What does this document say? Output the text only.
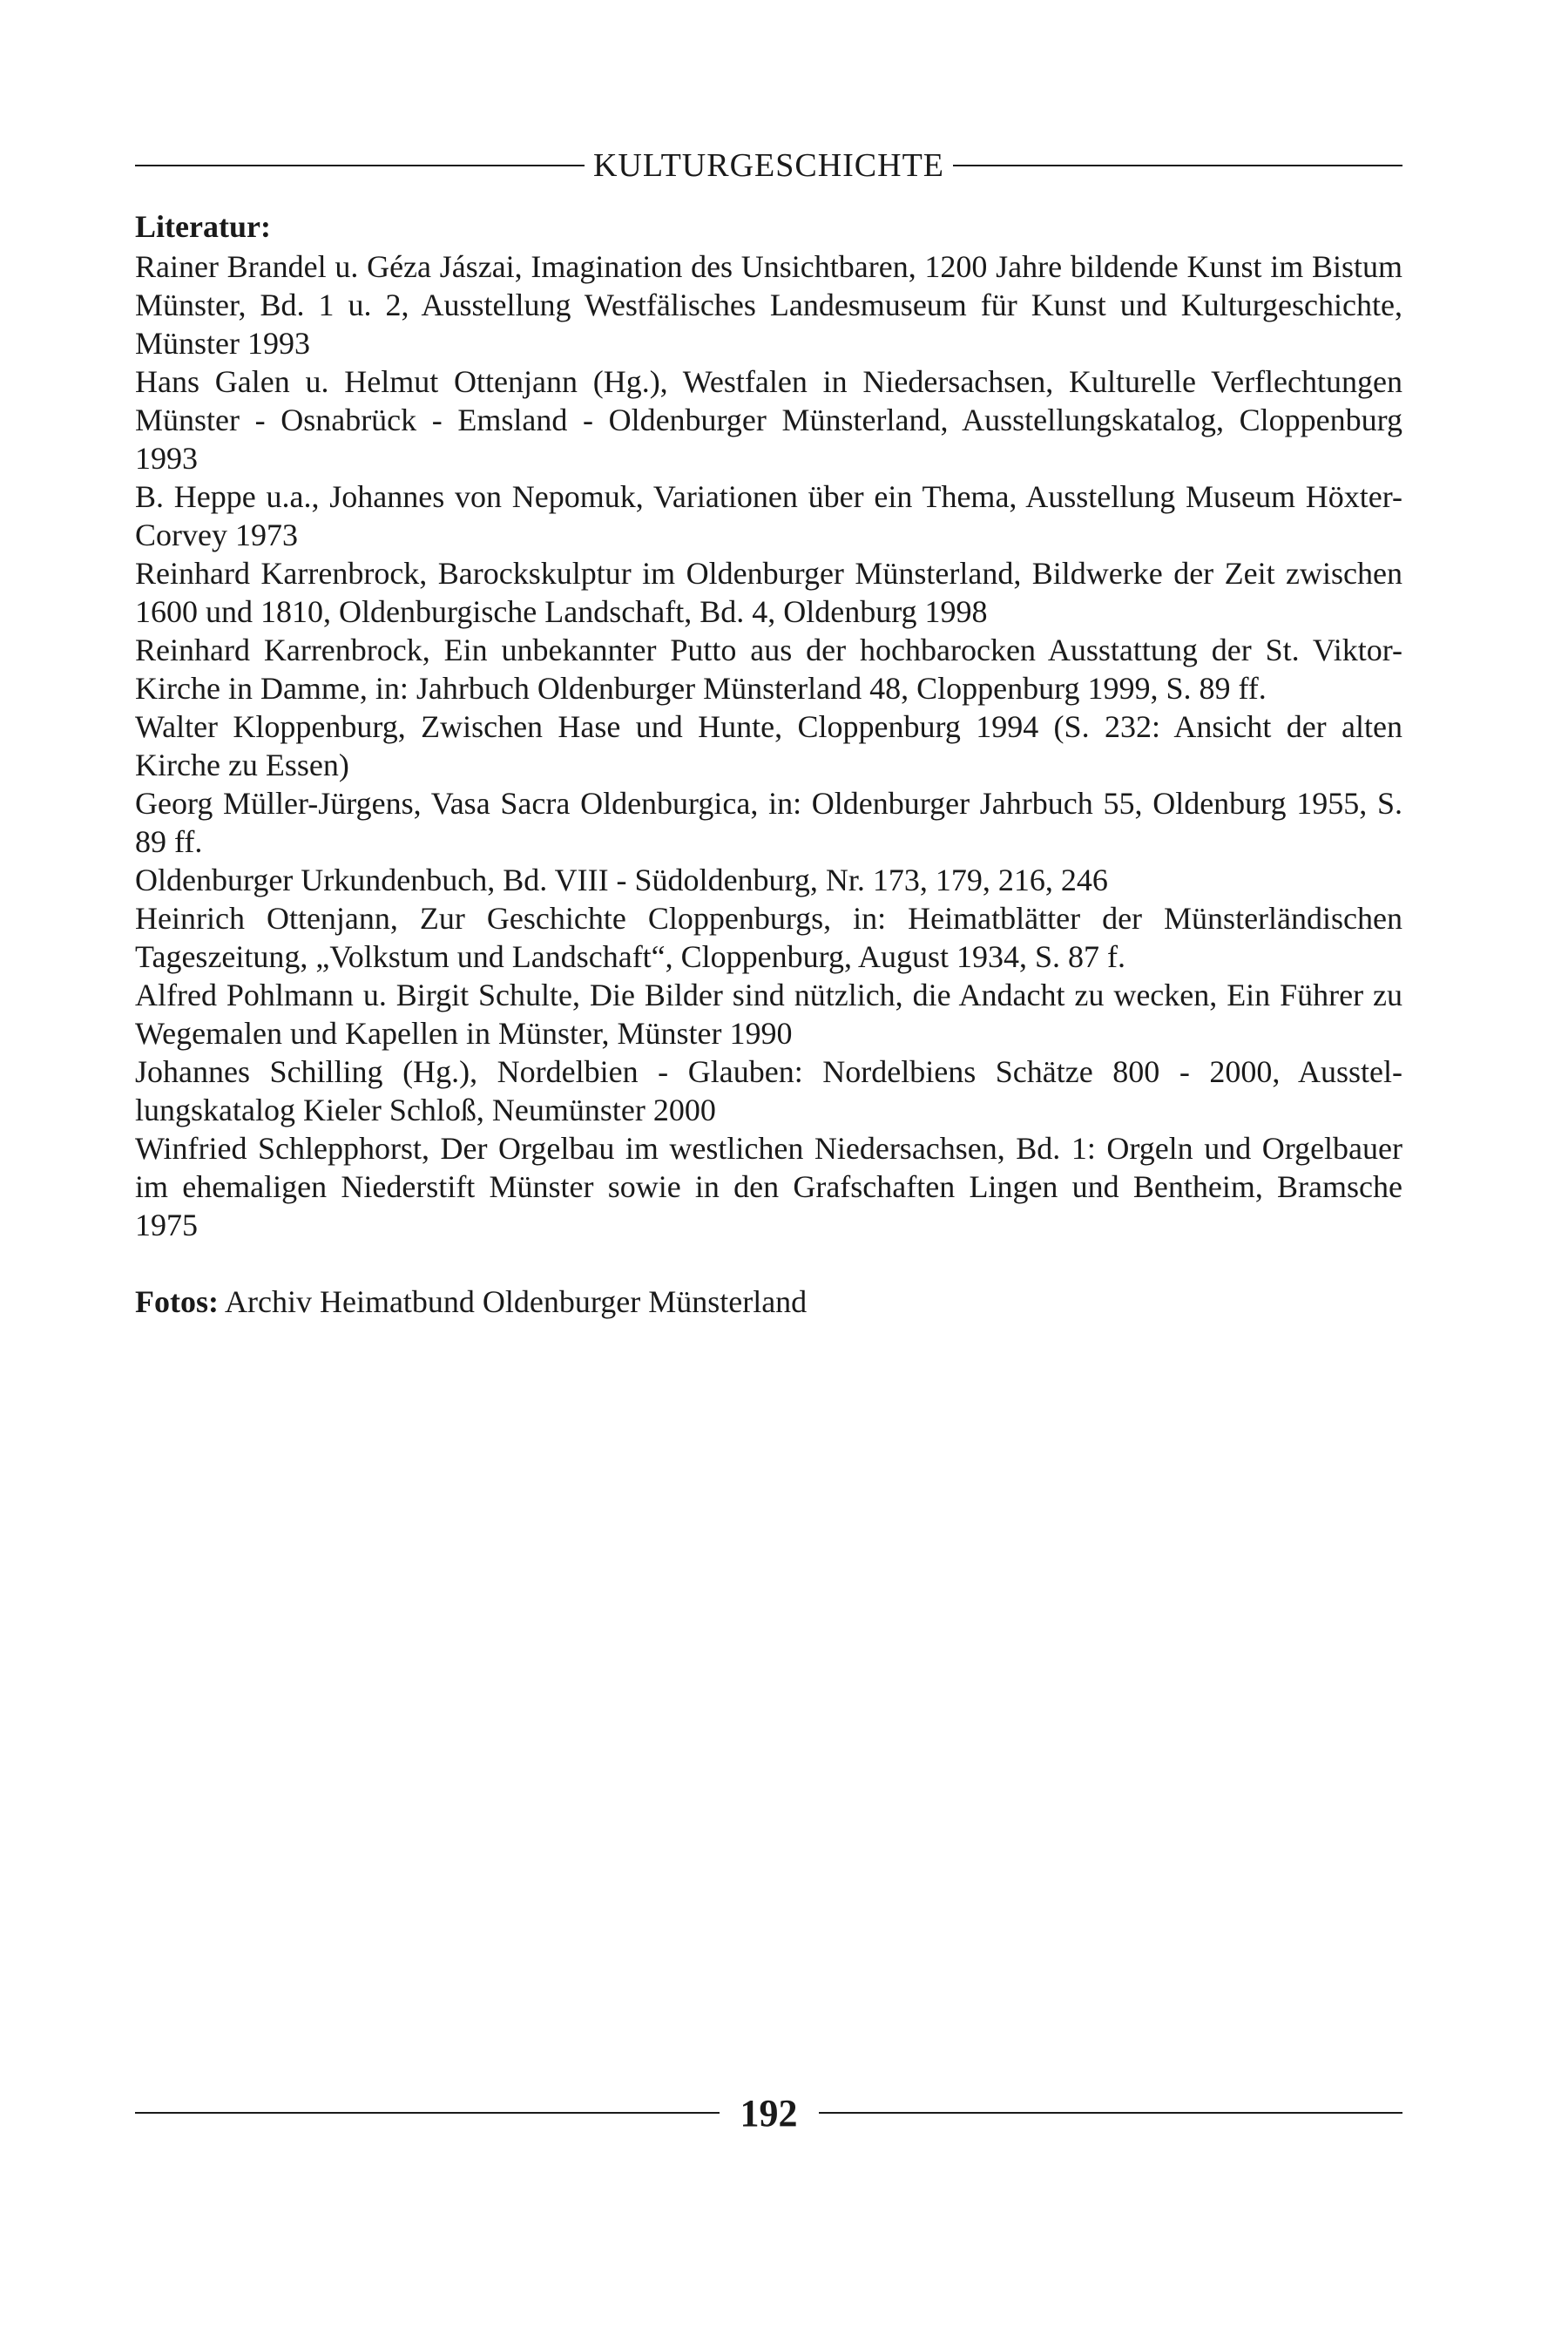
KULTURGESCHICHTE
Literatur:
Rainer Brandel u. Géza Jászai, Imagination des Unsichtbaren, 1200 Jahre bildende Kunst im Bistum Münster, Bd. 1 u. 2, Ausstellung Westfälisches Landesmuseum für Kunst und Kulturgeschichte, Münster 1993
Hans Galen u. Helmut Ottenjann (Hg.), Westfalen in Niedersachsen, Kulturelle Verflechtungen Münster - Osnabrück - Emsland - Oldenburger Münsterland, Ausstellungskatalog, Cloppenburg 1993
B. Heppe u.a., Johannes von Nepomuk, Variationen über ein Thema, Ausstellung Museum Höxter-Corvey 1973
Reinhard Karrenbrock, Barockskulptur im Oldenburger Münsterland, Bildwerke der Zeit zwischen 1600 und 1810, Oldenburgische Landschaft, Bd. 4, Oldenburg 1998
Reinhard Karrenbrock, Ein unbekannter Putto aus der hochbarocken Ausstattung der St. Viktor-Kirche in Damme, in: Jahrbuch Oldenburger Münsterland 48, Cloppenburg 1999, S. 89 ff.
Walter Kloppenburg, Zwischen Hase und Hunte, Cloppenburg 1994 (S. 232: Ansicht der alten Kirche zu Essen)
Georg Müller-Jürgens, Vasa Sacra Oldenburgica, in: Oldenburger Jahrbuch 55, Oldenburg 1955, S. 89 ff.
Oldenburger Urkundenbuch, Bd. VIII - Südoldenburg, Nr. 173, 179, 216, 246
Heinrich Ottenjann, Zur Geschichte Cloppenburgs, in: Heimatblätter der Münsterländischen Tageszeitung, „Volkstum und Landschaft“, Cloppenburg, August 1934, S. 87 f.
Alfred Pohlmann u. Birgit Schulte, Die Bilder sind nützlich, die Andacht zu wecken, Ein Führer zu Wegemalen und Kapellen in Münster, Münster 1990
Johannes Schilling (Hg.), Nordelbien - Glauben: Nordelbiens Schätze 800 - 2000, Ausstellungskatalog Kieler Schloß, Neumünster 2000
Winfried Schlepphorst, Der Orgelbau im westlichen Niedersachsen, Bd. 1: Orgeln und Orgelbauer im ehemaligen Niederstift Münster sowie in den Grafschaften Lingen und Bentheim, Bramsche 1975
Fotos: Archiv Heimatbund Oldenburger Münsterland
192
